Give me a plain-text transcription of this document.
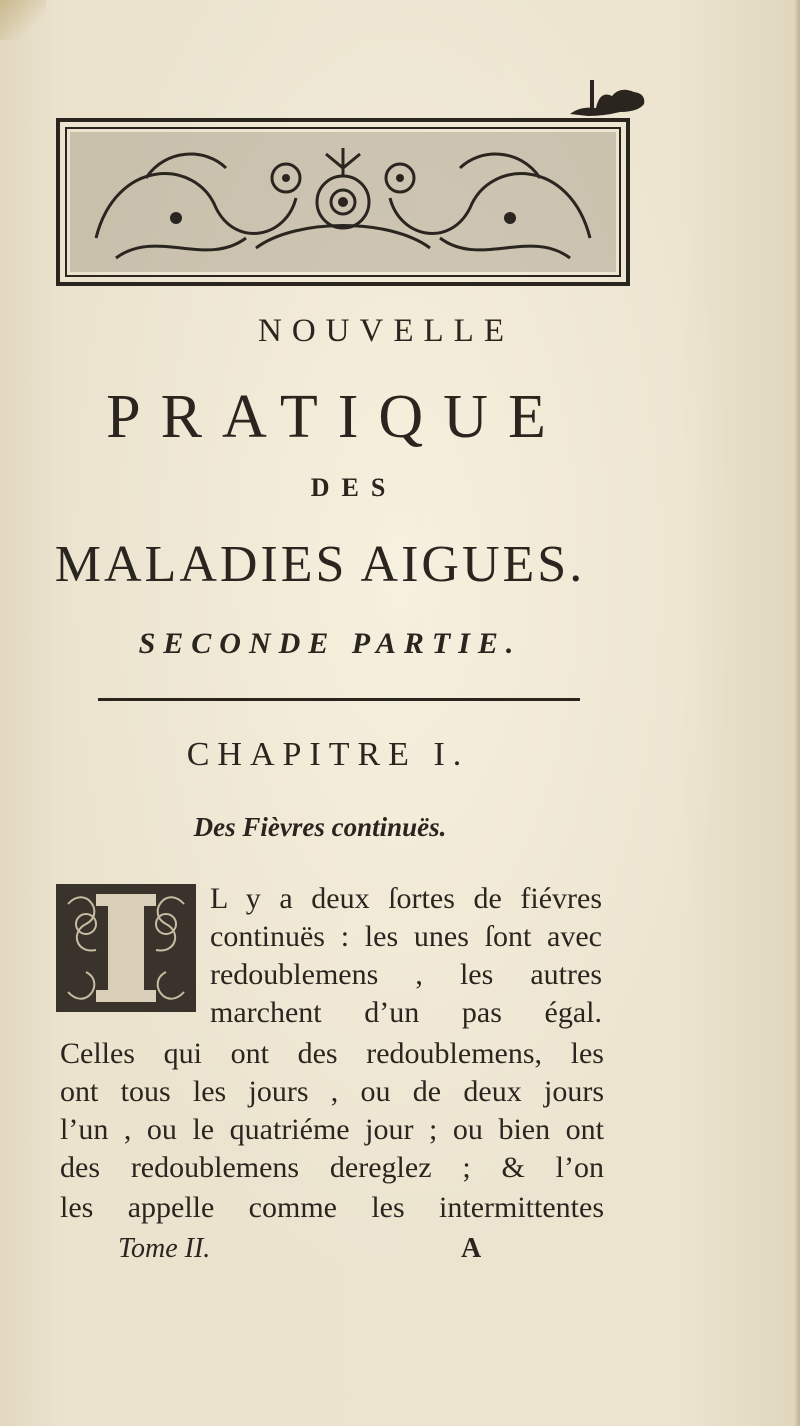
NOUVELLE
PRATIQUE
DES
MALADIES AIGUES.
SECONDE PARTIE.
CHAPITRE I.
Des Fièvres continuës.
L y a deux ſortes de fiévres
continuës : les unes ſont avec
redoublemens , les autres
marchent d’un pas égal.
Celles qui ont des redoublemens, les
ont tous les jours , ou de deux jours
l’un , ou le quatriéme jour ; ou bien ont
des redoublemens dereglez ; & l’on
les appelle comme les intermittentes
Tome II.	A
